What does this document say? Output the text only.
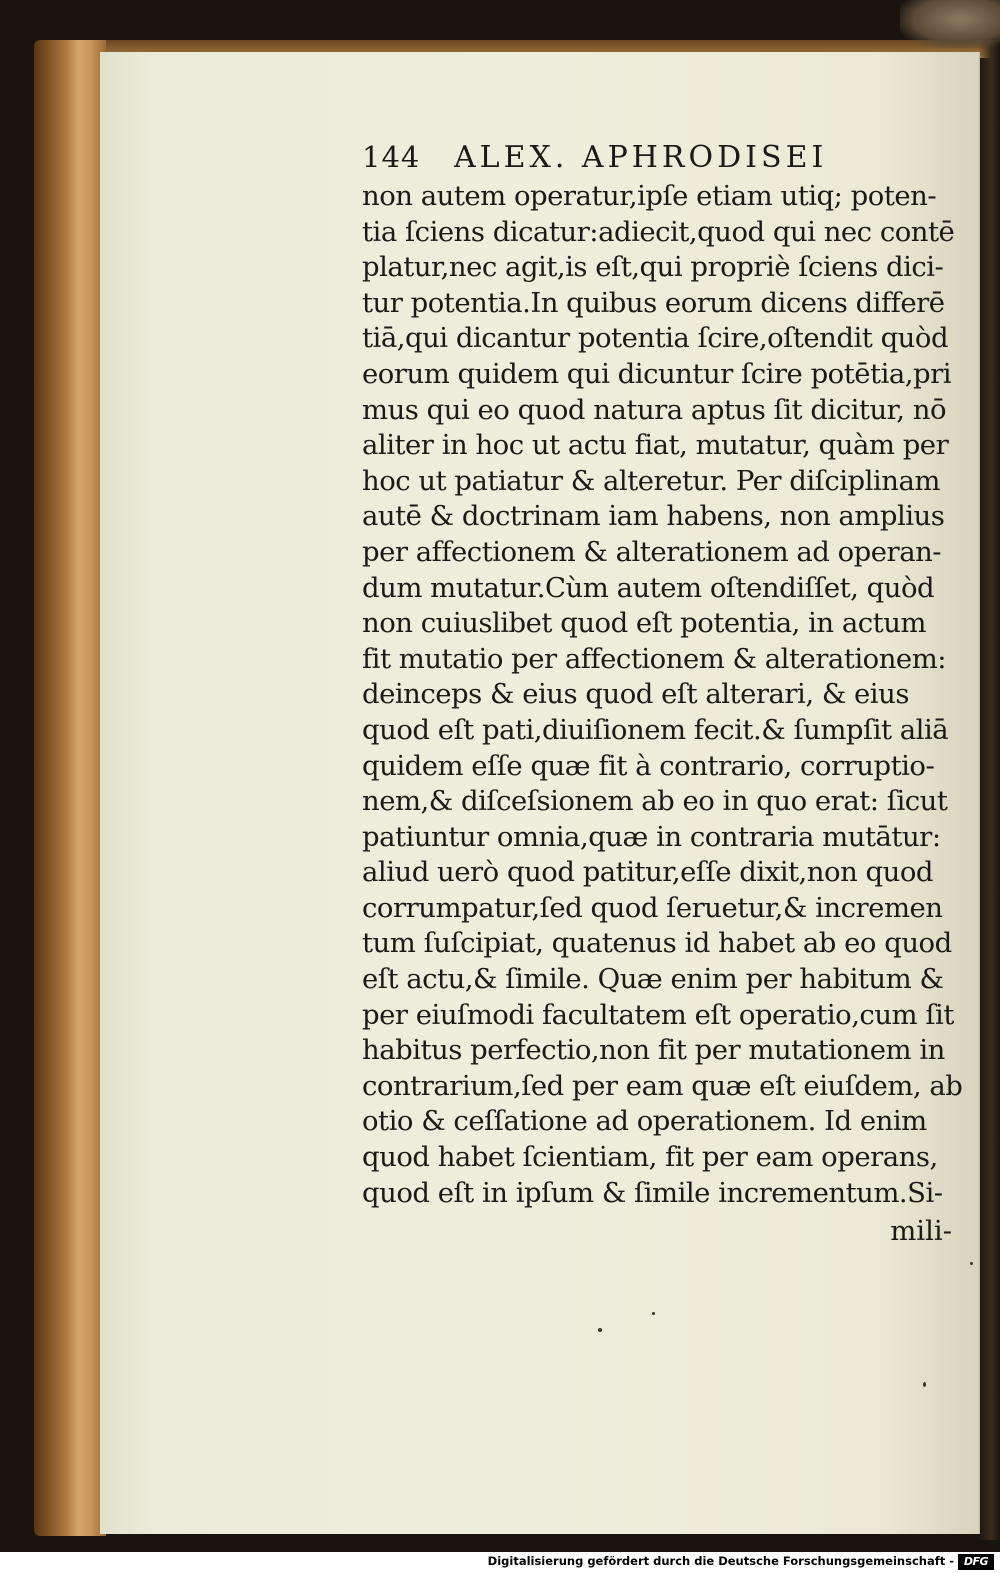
144	ALEX. APHRODISEI
non autem operatur,ipſe etiam utiq; poten-
tia ſciens dicatur:adiecit,quod qui nec contē
platur,nec agit,is eſt,qui propriè ſciens dici-
tur potentia.In quibus eorum dicens differē
tiā,qui dicantur potentia ſcire,oſtendit quòd
eorum quidem qui dicuntur ſcire potētia,pri
mus qui eo quod natura aptus ſit dicitur, nō
aliter in hoc ut actu fiat, mutatur, quàm per
hoc ut patiatur & alteretur. Per diſciplinam
autē & doctrinam iam habens, non amplius
per affectionem & alterationem ad operan-
dum mutatur.Cùm autem oſtendiſſet, quòd
non cuiuslibet quod eſt potentia, in actum
fit mutatio per affectionem & alterationem:
deinceps & eius quod eſt alterari, & eius
quod eſt pati,diuiſionem fecit.& ſumpſit aliā
quidem eſſe quæ fit à contrario, corruptio-
nem,& diſceſsionem ab eo in quo erat: ſicut
patiuntur omnia,quæ in contraria mutātur:
aliud uerò quod patitur,eſſe dixit,non quod
corrumpatur,ſed quod ſeruetur,& incremen
tum ſuſcipiat, quatenus id habet ab eo quod
eſt actu,& ſimile. Quæ enim per habitum &
per eiuſmodi facultatem eſt operatio,cum ſit
habitus perfectio,non fit per mutationem in
contrarium,ſed per eam quæ eſt eiuſdem, ab
otio & ceſſatione ad operationem. Id enim
quod habet ſcientiam, fit per eam operans,
quod eſt in ipſum & ſimile incrementum.Si-
mili-
Digitalisierung gefördert durch die Deutsche Forschungsgemeinschaft - DFG
